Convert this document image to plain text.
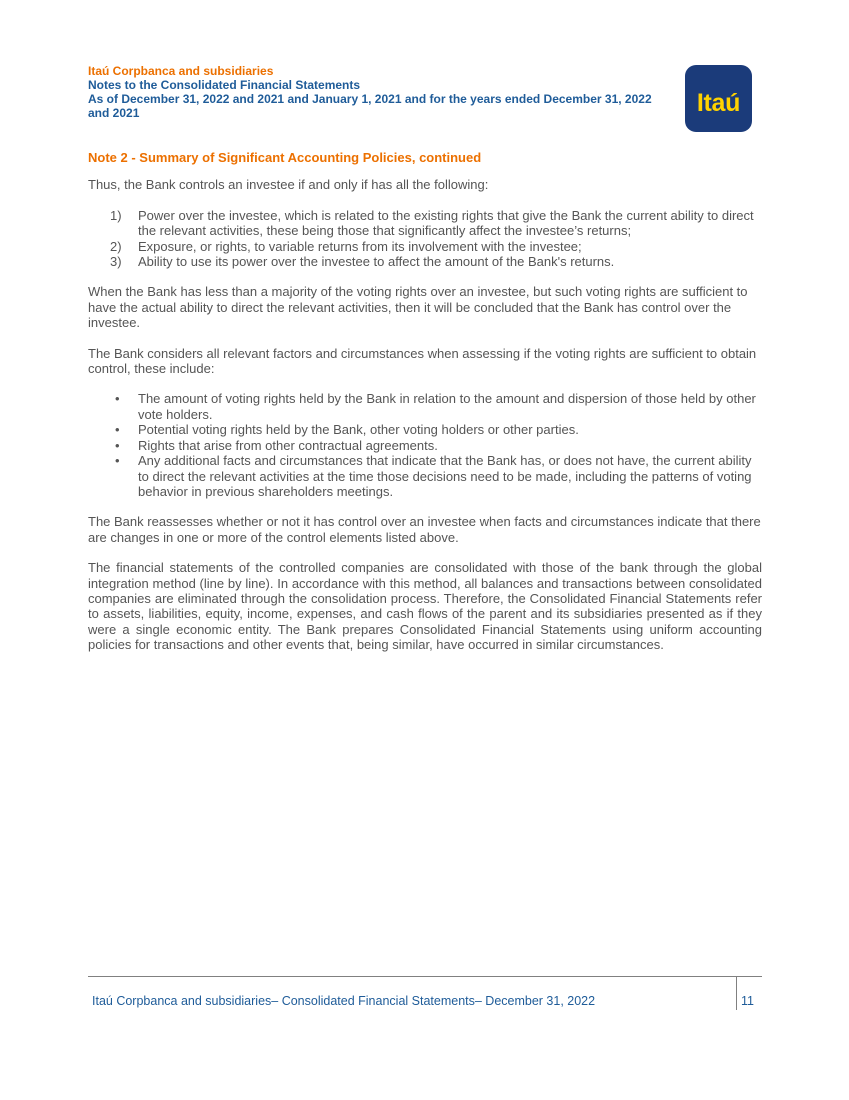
Itaú Corpbanca and subsidiaries
Notes to the Consolidated Financial Statements
As of December 31, 2022 and 2021 and January 1, 2021 and for the years ended December 31, 2022
and 2021	Itaú
Note 2 - Summary of Significant Accounting Policies, continued

Thus, the Bank controls an investee if and only if has all the following:

1) Power over the investee, which is related to the existing rights that give the Bank the current ability to direct the relevant activities, these being those that significantly affect the investee’s returns;
2) Exposure, or rights, to variable returns from its involvement with the investee;
3) Ability to use its power over the investee to affect the amount of the Bank's returns.

When the Bank has less than a majority of the voting rights over an investee, but such voting rights are sufficient to have the actual ability to direct the relevant activities, then it will be concluded that the Bank has control over the investee.

The Bank considers all relevant factors and circumstances when assessing if the voting rights are sufficient to obtain control, these include:

• The amount of voting rights held by the Bank in relation to the amount and dispersion of those held by other vote holders.
• Potential voting rights held by the Bank, other voting holders or other parties.
• Rights that arise from other contractual agreements.
• Any additional facts and circumstances that indicate that the Bank has, or does not have, the current ability to direct the relevant activities at the time those decisions need to be made, including the patterns of voting behavior in previous shareholders meetings.

The Bank reassesses whether or not it has control over an investee when facts and circumstances indicate that there are changes in one or more of the control elements listed above.

The financial statements of the controlled companies are consolidated with those of the bank through the global integration method (line by line). In accordance with this method, all balances and transactions between consolidated companies are eliminated through the consolidation process. Therefore, the Consolidated Financial Statements refer to assets, liabilities, equity, income, expenses, and cash flows of the parent and its subsidiaries presented as if they were a single economic entity. The Bank prepares Consolidated Financial Statements using uniform accounting policies for transactions and other events that, being similar, have occurred in similar circumstances.

Itaú Corpbanca and subsidiaries– Consolidated Financial Statements– December 31, 2022	11
